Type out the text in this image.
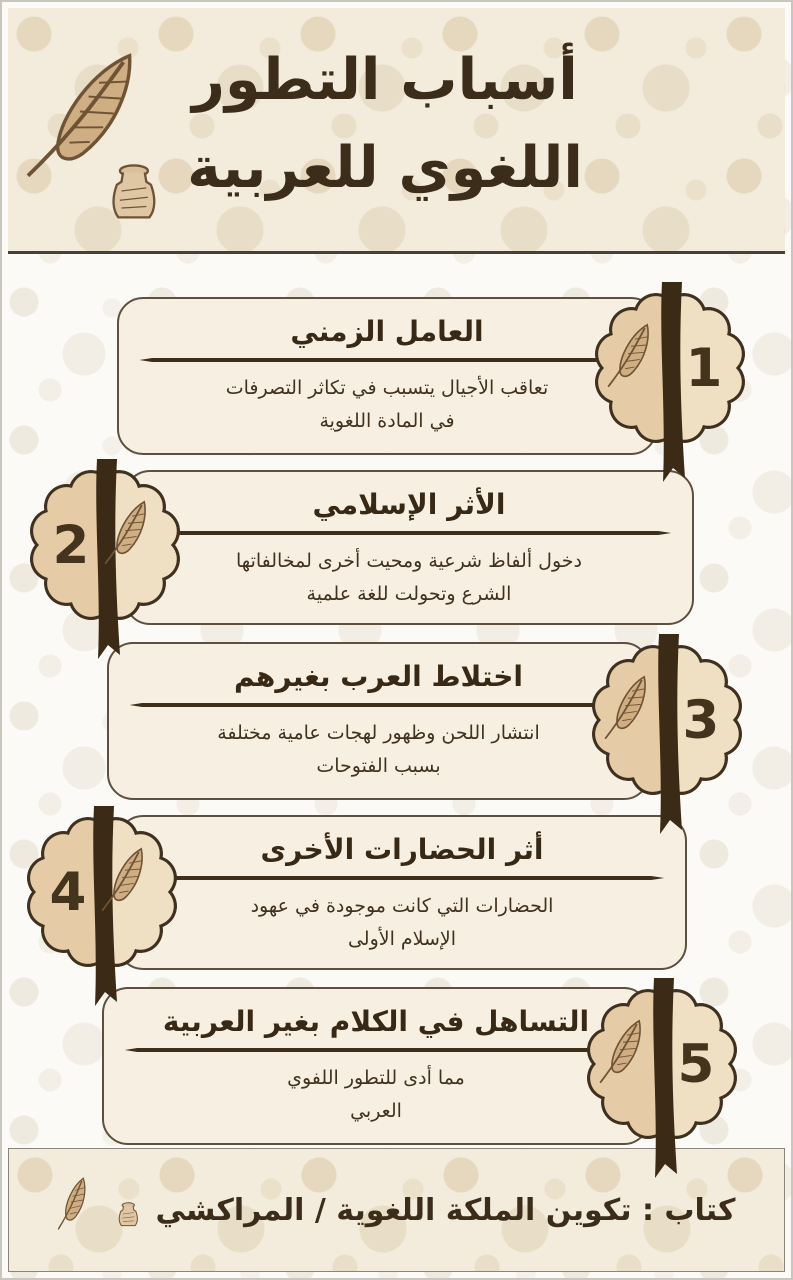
أسباب التطور
اللغوي للعربية
العامل الزمني
تعاقب الأجيال يتسبب في تكاثر التصرفات
في المادة اللغوية
1
الأثر الإسلامي
دخول ألفاظ شرعية ومحيت أخرى لمخالفاتها
الشرع وتحولت للغة علمية
2
اختلاط العرب بغيرهم
انتشار اللحن وظهور لهجات عامية مختلفة
بسبب الفتوحات
3
أثر الحضارات الأخرى
الحضارات التي كانت موجودة في عهود
الإسلام الأولى
4
التساهل في الكلام بغير العربية
مما أدى للتطور اللفوي
العربي
5
كتاب : تكوين الملكة اللغوية / المراكشي
